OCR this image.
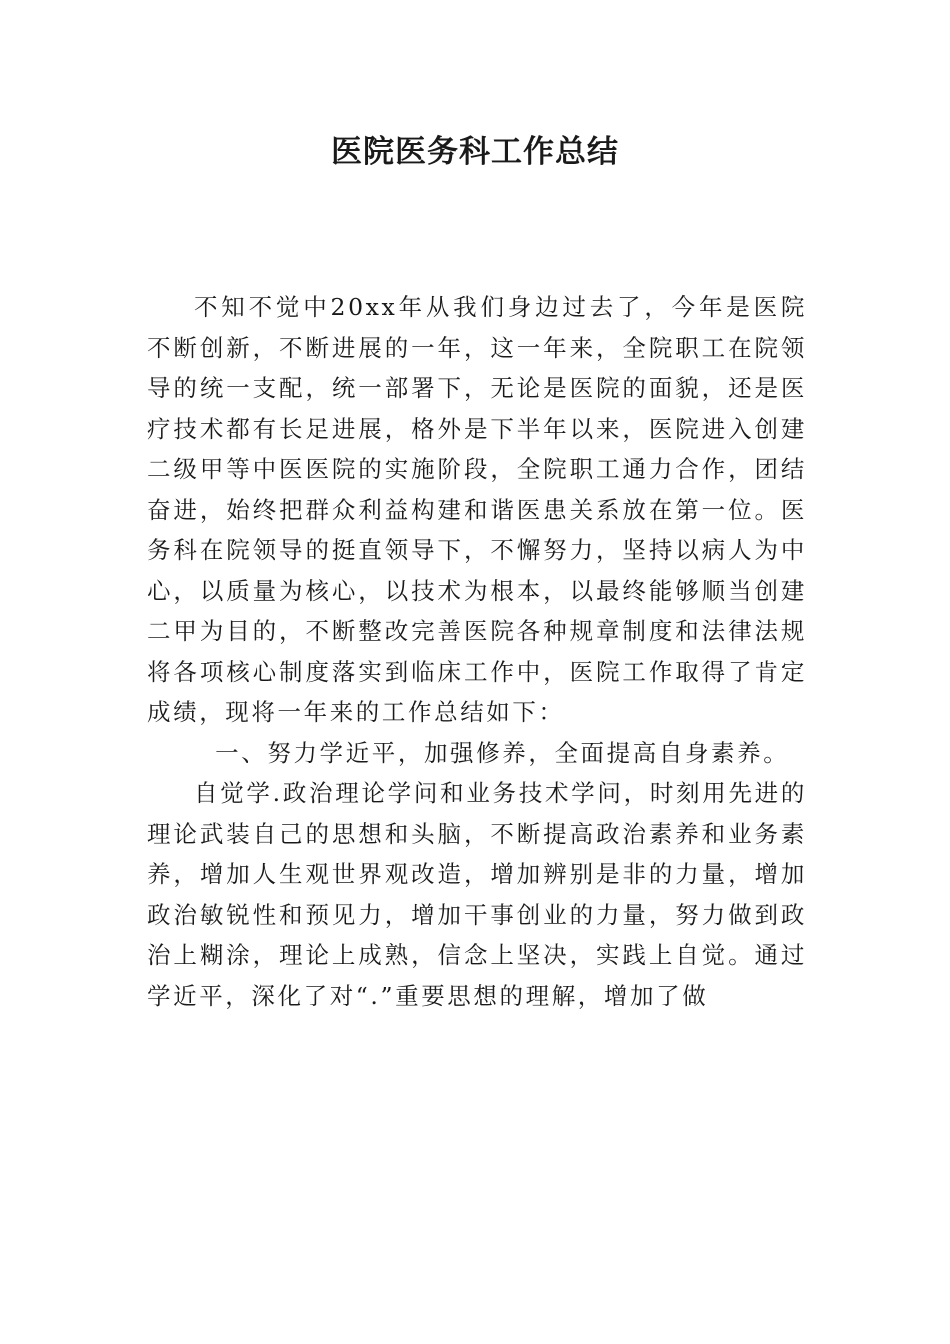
医院医务科工作总结

不知不觉中20xx年从我们身边过去了，今年是医院不断创新，不断进展的一年，这一年来，全院职工在院领导的统一支配，统一部署下，无论是医院的面貌，还是医疗技术都有长足进展，格外是下半年以来，医院进入创建二级甲等中医医院的实施阶段，全院职工通力合作，团结奋进，始终把群众利益构建和谐医患关系放在第一位。医务科在院领导的挺直领导下，不懈努力，坚持以病人为中心，以质量为核心，以技术为根本，以最终能够顺当创建二甲为目的，不断整改完善医院各种规章制度和法律法规将各项核心制度落实到临床工作中，医院工作取得了肯定成绩，现将一年来的工作总结如下：

一、努力学近平，加强修养，全面提高自身素养。

自觉学.政治理论学问和业务技术学问，时刻用先进的理论武装自己的思想和头脑，不断提高政治素养和业务素养，增加人生观世界观改造，增加辨别是非的力量，增加政治敏锐性和预见力，增加干事创业的力量，努力做到政治上糊涂，理论上成熟，信念上坚决，实践上自觉。通过学近平，深化了对“.”重要思想的理解，增加了做
